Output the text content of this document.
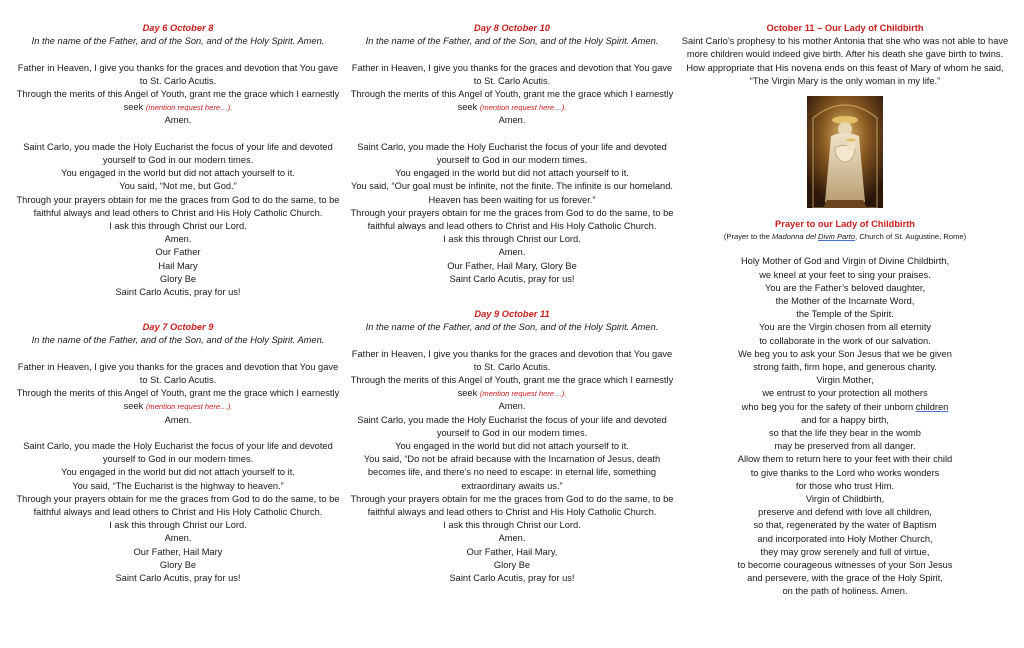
Day 6 October 8

In the name of the Father, and of the Son, and of the Holy Spirit. Amen.

Father in Heaven, I give you thanks for the graces and devotion that You gave to St. Carlo Acutis.

Through the merits of this Angel of Youth, grant me the grace which I earnestly seek (mention request here…).

Amen.

Saint Carlo, you made the Holy Eucharist the focus of your life and devoted yourself to God in our modern times.

You engaged in the world but did not attach yourself to it.

You said, “Not me, but God.”

Through your prayers obtain for me the graces from God to do the same, to be faithful always and lead others to Christ and His Holy Catholic Church.

I ask this through Christ our Lord.

Amen.

Our Father

Hail Mary

Glory Be

Saint Carlo Acutis, pray for us!

Day 7 October 9

In the name of the Father, and of the Son, and of the Holy Spirit. Amen.

Father in Heaven, I give you thanks for the graces and devotion that You gave to St. Carlo Acutis.

Through the merits of this Angel of Youth, grant me the grace which I earnestly seek (mention request here…).

Amen.

Saint Carlo, you made the Holy Eucharist the focus of your life and devoted yourself to God in our modern times.

You engaged in the world but did not attach yourself to it.

You said, “The Eucharist is the highway to heaven.”

Through your prayers obtain for me the graces from God to do the same, to be faithful always and lead others to Christ and His Holy Catholic Church.

I ask this through Christ our Lord.

Amen.

Our Father, Hail Mary

Glory Be

Saint Carlo Acutis, pray for us!

Day 8 October 10

In the name of the Father, and of the Son, and of the Holy Spirit. Amen.

Father in Heaven, I give you thanks for the graces and devotion that You gave to St. Carlo Acutis.

Through the merits of this Angel of Youth, grant me the grace which I earnestly seek (mention request here…).

Amen.

Saint Carlo, you made the Holy Eucharist the focus of your life and devoted yourself to God in our modern times.

You engaged in the world but did not attach yourself to it.

You said, “Our goal must be infinite, not the finite. The infinite is our homeland. Heaven has been waiting for us forever.”

Through your prayers obtain for me the graces from God to do the same, to be faithful always and lead others to Christ and His Holy Catholic Church.

I ask this through Christ our Lord.

Amen.

Our Father, Hail Mary, Glory Be

Saint Carlo Acutis, pray for us!

Day 9 October 11

In the name of the Father, and of the Son, and of the Holy Spirit. Amen.

Father in Heaven, I give you thanks for the graces and devotion that You gave to St. Carlo Acutis.

Through the merits of this Angel of Youth, grant me the grace which I earnestly seek (mention request here…).

Amen.

Saint Carlo, you made the Holy Eucharist the focus of your life and devoted yourself to God in our modern times.

You engaged in the world but did not attach yourself to it.

You said, “Do not be afraid because with the Incarnation of Jesus, death becomes life, and there’s no need to escape: in eternal life, something extraordinary awaits us.”

Through your prayers obtain for me the graces from God to do the same, to be faithful always and lead others to Christ and His Holy Catholic Church.

I ask this through Christ our Lord.

Amen.

Our Father, Hail Mary,

Glory Be

Saint Carlo Acutis, pray for us!

October 11 – Our Lady of Childbirth

Saint Carlo’s prophesy to his mother Antonia that she who was not able to have more children would indeed give birth. After his death she gave birth to twins. How appropriate that His novena ends on this feast of Mary of whom he said,

“The Virgin Mary is the only woman in my life.”

Prayer to our Lady of Childbirth

(Prayer to the Madonna del Divin Parto, Church of St. Augustine, Rome)

Holy Mother of God and Virgin of Divine Childbirth,

we kneel at your feet to sing your praises.

You are the Father’s beloved daughter,

the Mother of the Incarnate Word,

the Temple of the Spirit.

You are the Virgin chosen from all eternity

to collaborate in the work of our salvation.

We beg you to ask your Son Jesus that we be given

strong faith, firm hope, and generous charity.

Virgin Mother,

we entrust to your protection all mothers

who beg you for the safety of their unborn children

and for a happy birth,

so that the life they bear in the womb

may be preserved from all danger.

Allow them to return here to your feet with their child

to give thanks to the Lord who works wonders

for those who trust Him.

Virgin of Childbirth,

preserve and defend with love all children,

so that, regenerated by the water of Baptism

and incorporated into Holy Mother Church,

they may grow serenely and full of virtue,

to become courageous witnesses of your Son Jesus

and persevere, with the grace of the Holy Spirit,

on the path of holiness. Amen.
